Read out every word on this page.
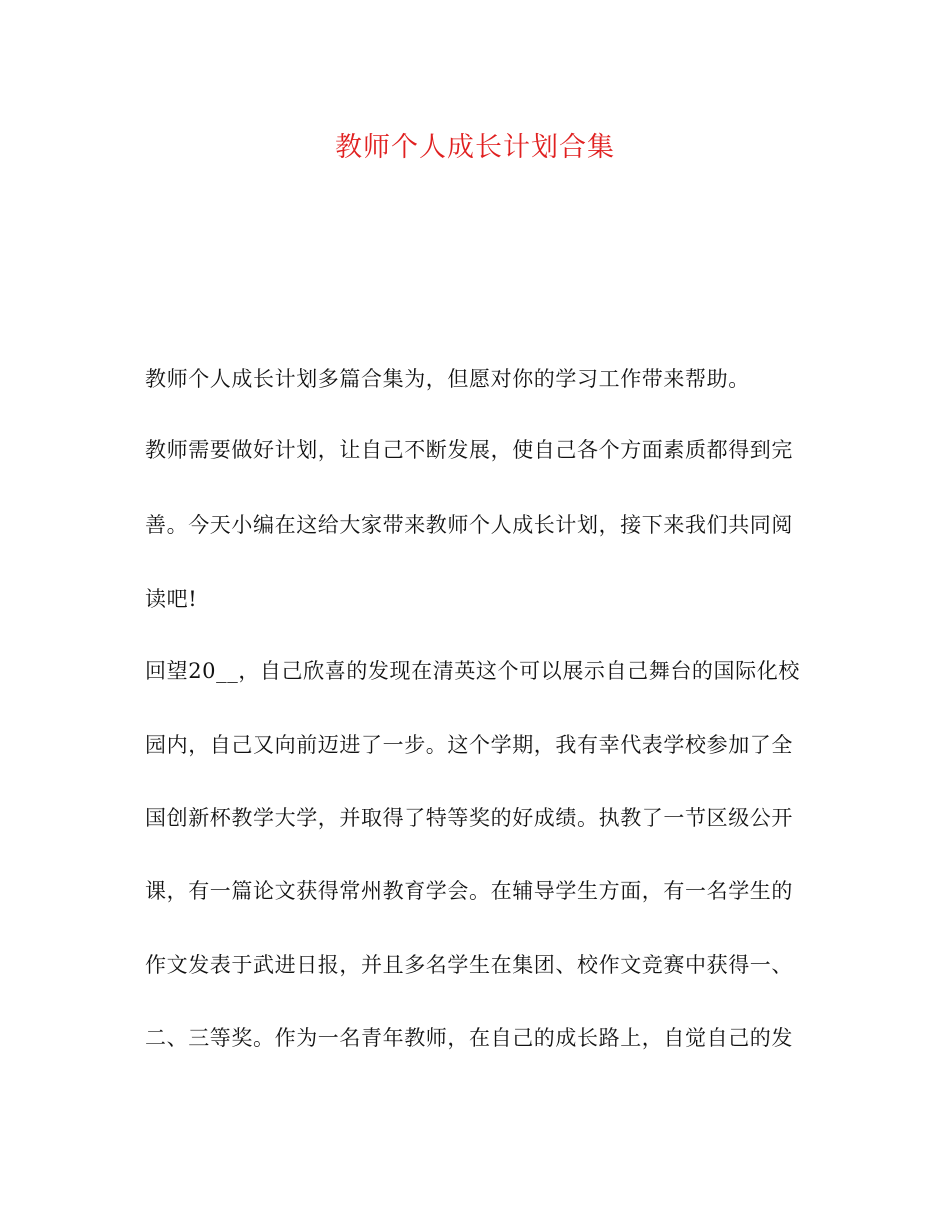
教师个人成长计划合集
教师个人成长计划多篇合集为，但愿对你的学习工作带来帮助。
教师需要做好计划，让自己不断发展，使自己各个方面素质都得到完
善。今天小编在这给大家带来教师个人成长计划，接下来我们共同阅
读吧!
回望20__，自己欣喜的发现在清英这个可以展示自己舞台的国际化校
园内，自己又向前迈进了一步。这个学期，我有幸代表学校参加了全
国创新杯教学大学，并取得了特等奖的好成绩。执教了一节区级公开
课，有一篇论文获得常州教育学会。在辅导学生方面，有一名学生的
作文发表于武进日报，并且多名学生在集团、校作文竞赛中获得一、
二、三等奖。作为一名青年教师，在自己的成长路上，自觉自己的发
